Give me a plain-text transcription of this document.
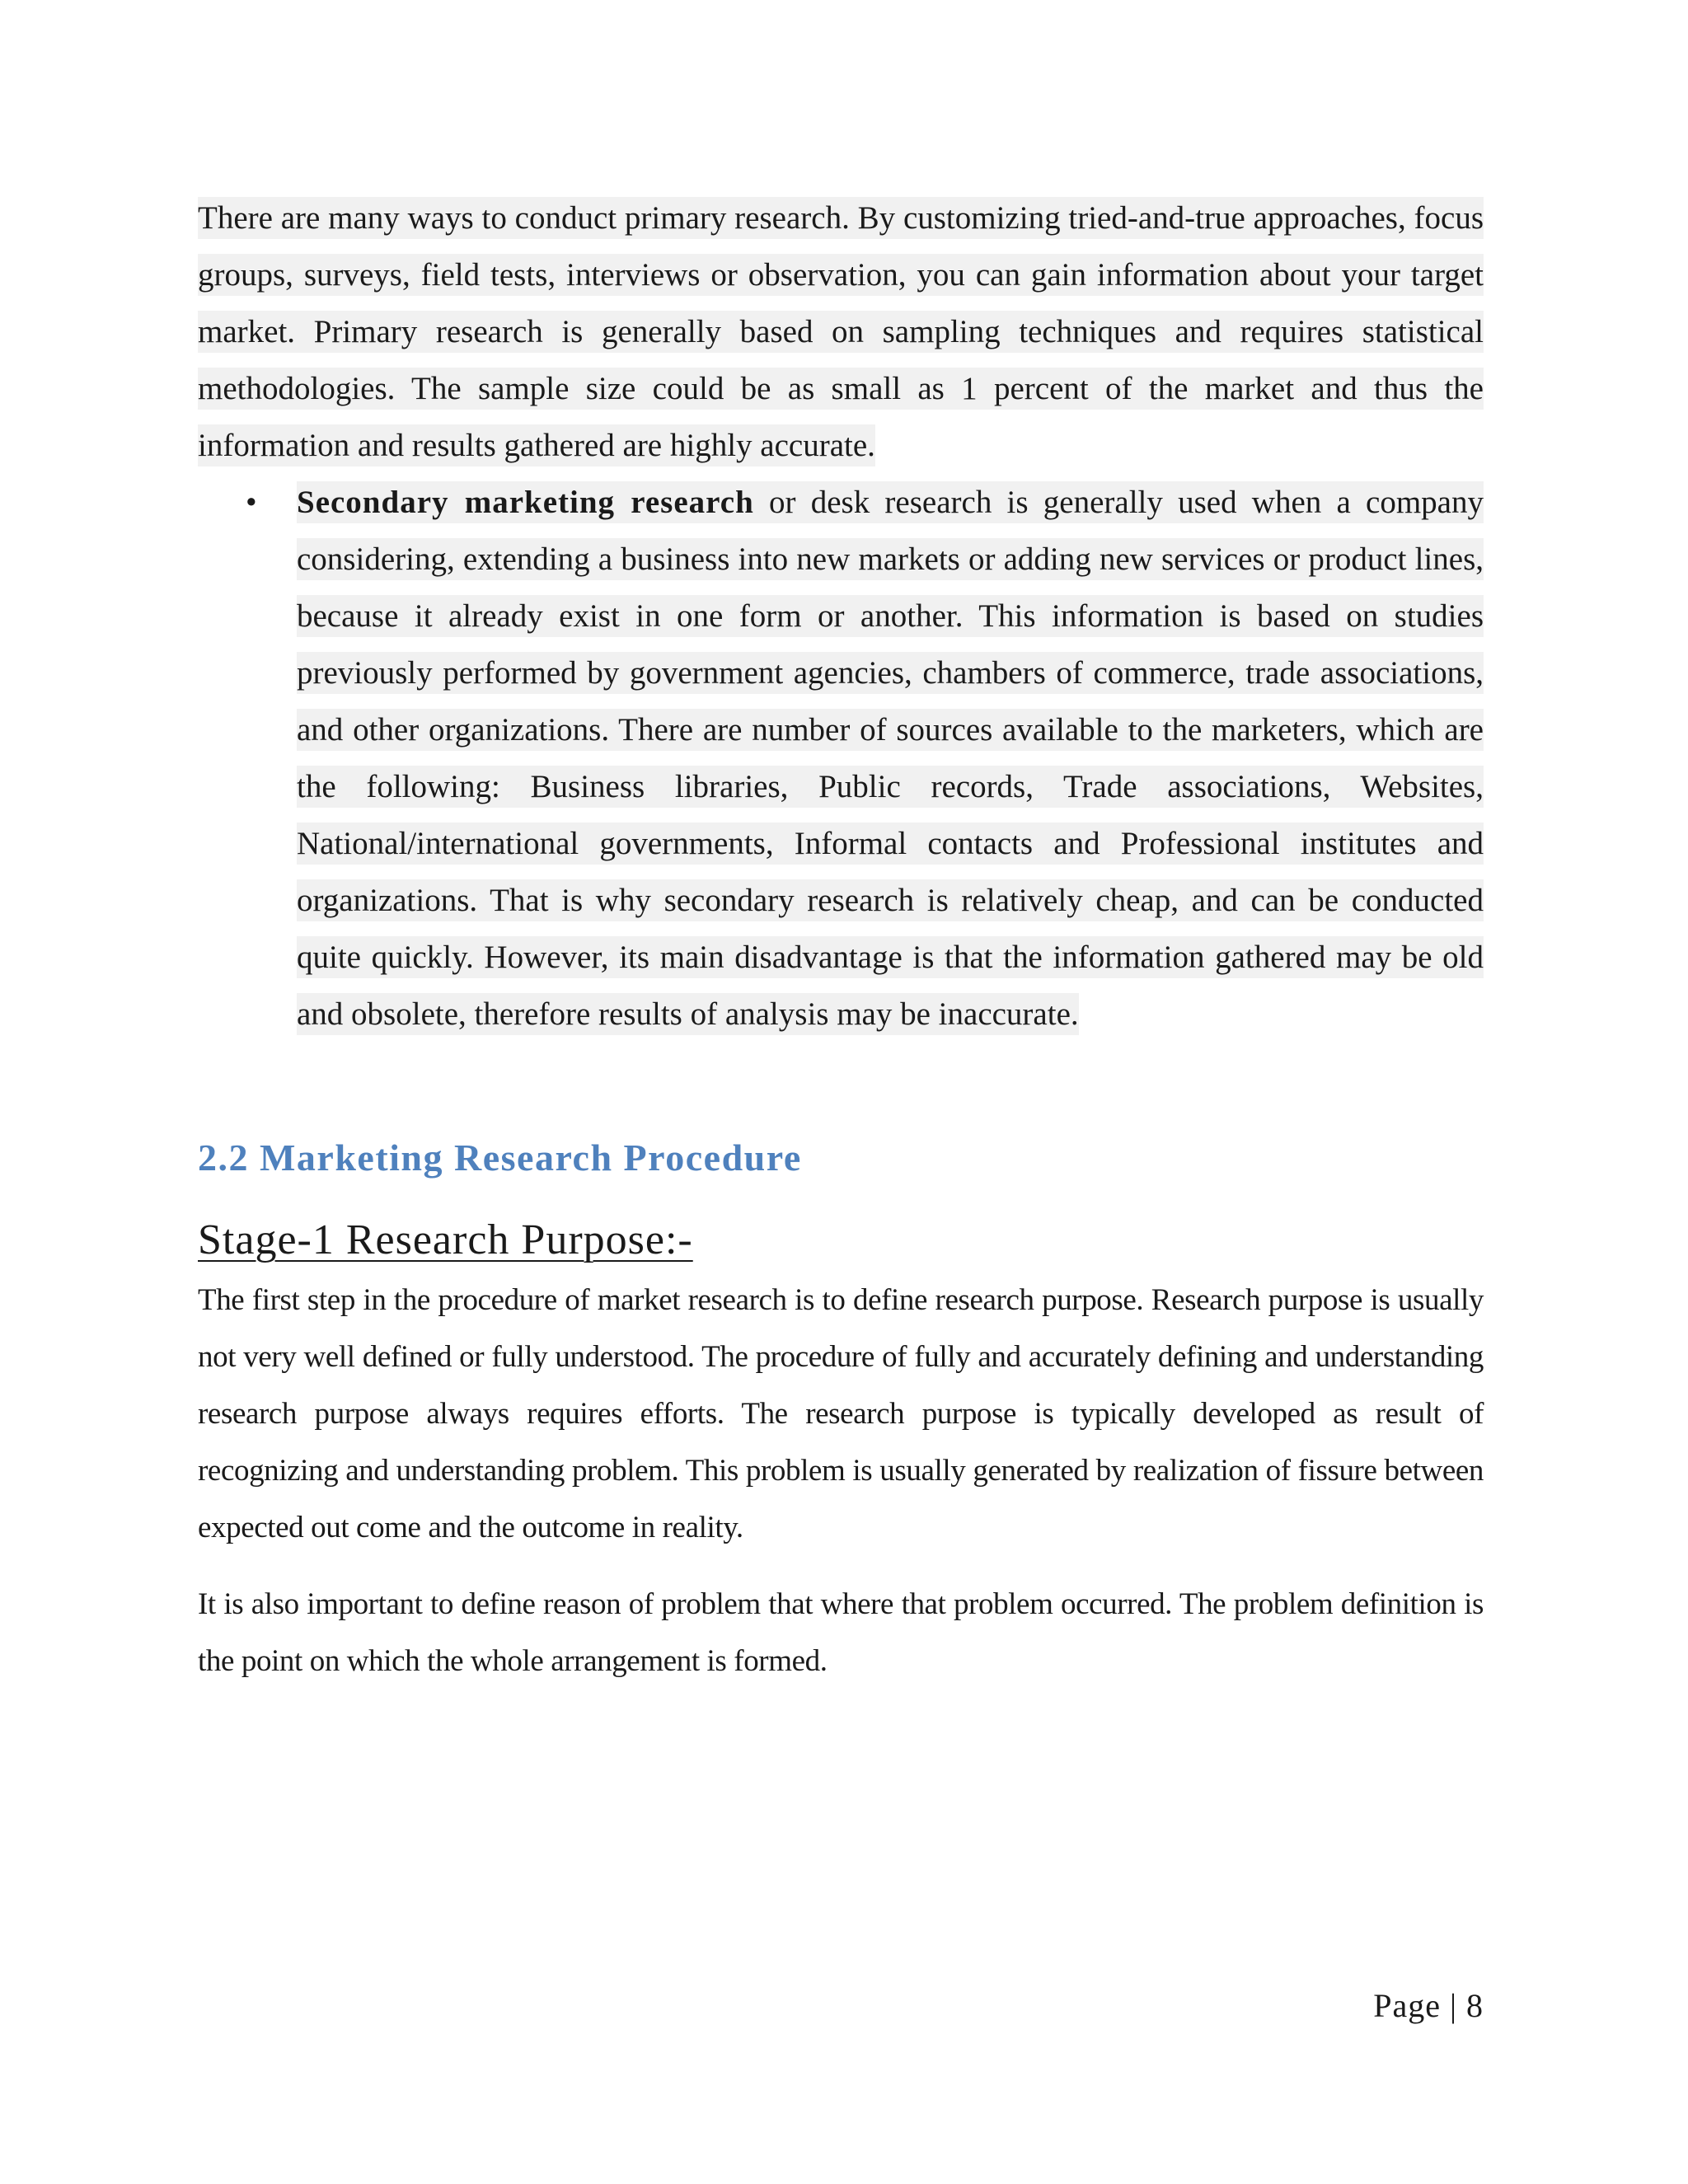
There are many ways to conduct primary research. By customizing tried-and-true approaches, focus groups, surveys, field tests, interviews or observation, you can gain information about your target market. Primary research is generally based on sampling techniques and requires statistical methodologies. The sample size could be as small as 1 percent of the market and thus the information and results gathered are highly accurate.

• Secondary marketing research or desk research is generally used when a company considering, extending a business into new markets or adding new services or product lines, because it already exist in one form or another. This information is based on studies previously performed by government agencies, chambers of commerce, trade associations, and other organizations. There are number of sources available to the marketers, which are the following: Business libraries, Public records, Trade associations, Websites, National/international governments, Informal contacts and Professional institutes and organizations. That is why secondary research is relatively cheap, and can be conducted quite quickly. However, its main disadvantage is that the information gathered may be old and obsolete, therefore results of analysis may be inaccurate.
2.2 Marketing Research Procedure
Stage-1 Research Purpose:-

The first step in the procedure of market research is to define research purpose. Research purpose is usually not very well defined or fully understood. The procedure of fully and accurately defining and understanding research purpose always requires efforts. The research purpose is typically developed as result of recognizing and understanding problem. This problem is usually generated by realization of fissure between expected out come and the outcome in reality.

It is also important to define reason of problem that where that problem occurred. The problem definition is the point on which the whole arrangement is formed.

Page | 8
